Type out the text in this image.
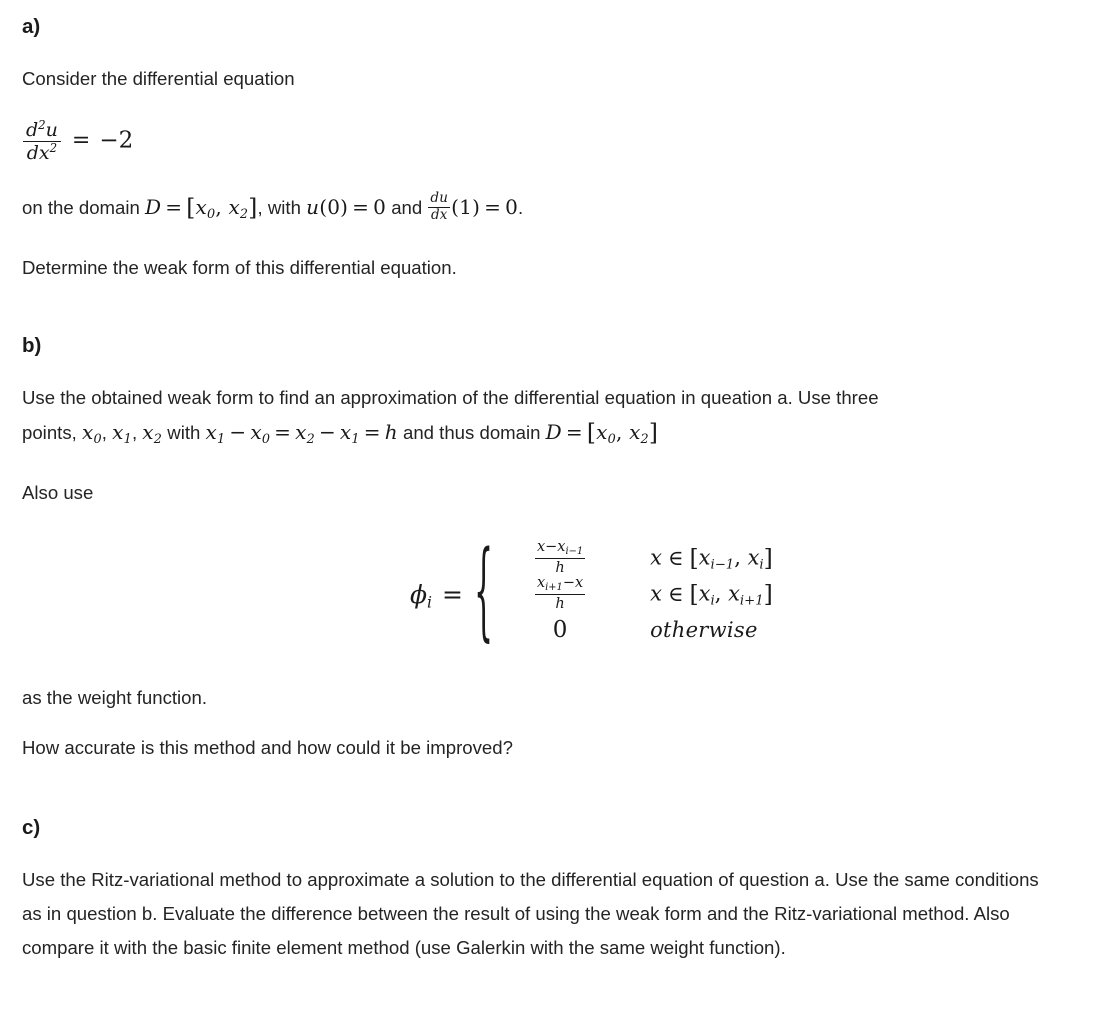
a)

Consider the differential equation

$\frac{d^2u}{dx^2} = -2$

on the domain $D = [x_0$, $x_2$], with u(0) = 0 and $\frac{du}{dx} (1) = 0$.

Determine the weak form of this differential equation.

b)

Use the obtained weak form to find an approximation of the differential equation in queation a. Use three

points, $x_0$, $x_1$, $x_2$ with $x_1 - x_0 = x_2 - x_1 = h$ and thus domain $D = [x_0$, $x_2$]

Also use

$\phi_i$ = {	$\frac{x-x_{i-1}}{h}$	x ∈ [$x_{i-1}$, $x_i$]
$\frac{x_{i+1}-x}{h}$	x ∈ [$x_i$, $x_{i+1}$]
0	otherwise

as the weight function.

How accurate is this method and how could it be improved?

c)

Use the Ritz-variational method to approximate a solution to the differential equation of question a. Use the same conditions as in question b. Evaluate the difference between the result of using the weak form and the Ritz-variational method. Also compare it with the basic finite element method (use Galerkin with the same weight function).
